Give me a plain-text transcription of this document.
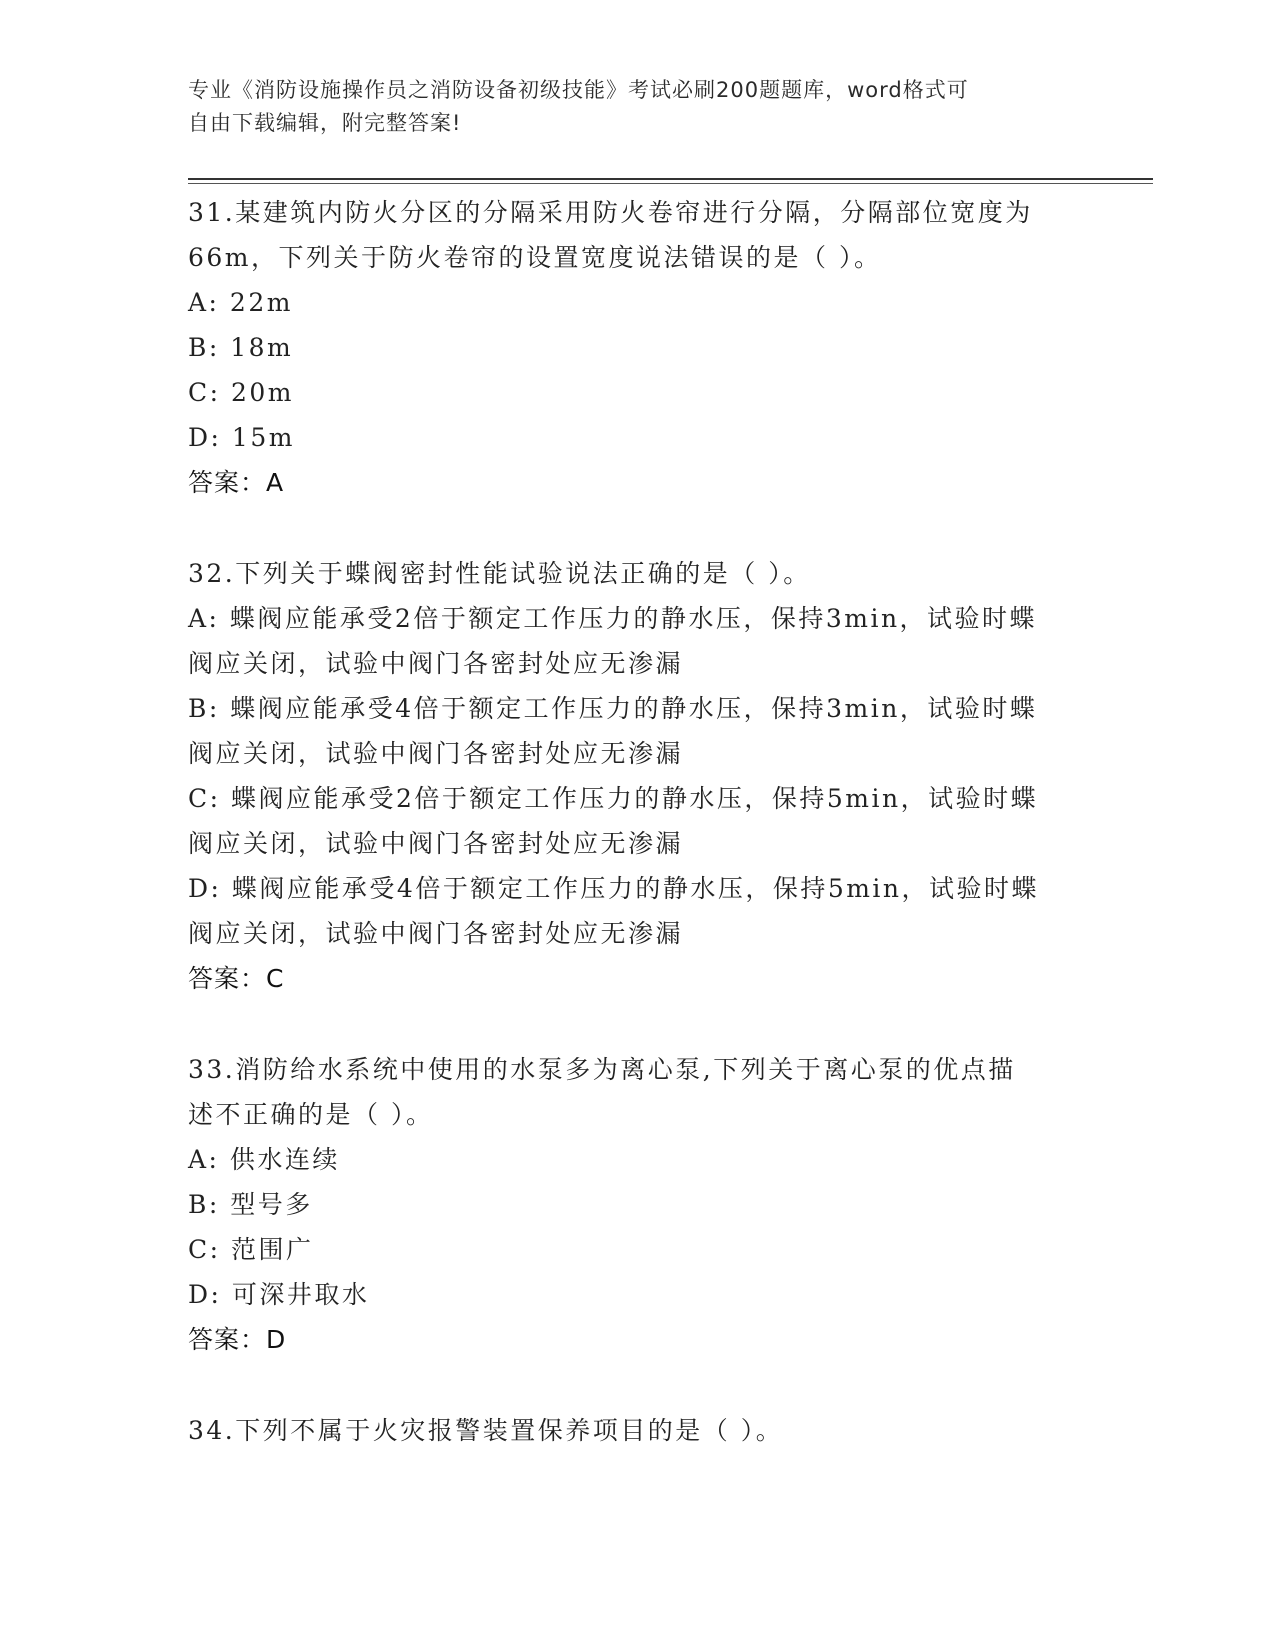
专业《消防设施操作员之消防设备初级技能》考试必刷200题题库，word格式可
自由下载编辑，附完整答案!
31.某建筑内防火分区的分隔采用防火卷帘进行分隔，分隔部位宽度为
66m，下列关于防火卷帘的设置宽度说法错误的是（ ）。
A: 22m
B: 18m
C: 20m
D: 15m
答案：A
32.下列关于蝶阀密封性能试验说法正确的是（ ）。
A: 蝶阀应能承受2倍于额定工作压力的静水压，保持3min，试验时蝶
阀应关闭，试验中阀门各密封处应无渗漏
B: 蝶阀应能承受4倍于额定工作压力的静水压，保持3min，试验时蝶
阀应关闭，试验中阀门各密封处应无渗漏
C: 蝶阀应能承受2倍于额定工作压力的静水压，保持5min，试验时蝶
阀应关闭，试验中阀门各密封处应无渗漏
D: 蝶阀应能承受4倍于额定工作压力的静水压，保持5min，试验时蝶
阀应关闭，试验中阀门各密封处应无渗漏
答案：C
33.消防给水系统中使用的水泵多为离心泵,下列关于离心泵的优点描
述不正确的是（ ）。
A: 供水连续
B: 型号多
C: 范围广
D: 可深井取水
答案：D
34.下列不属于火灾报警装置保养项目的是（ ）。
